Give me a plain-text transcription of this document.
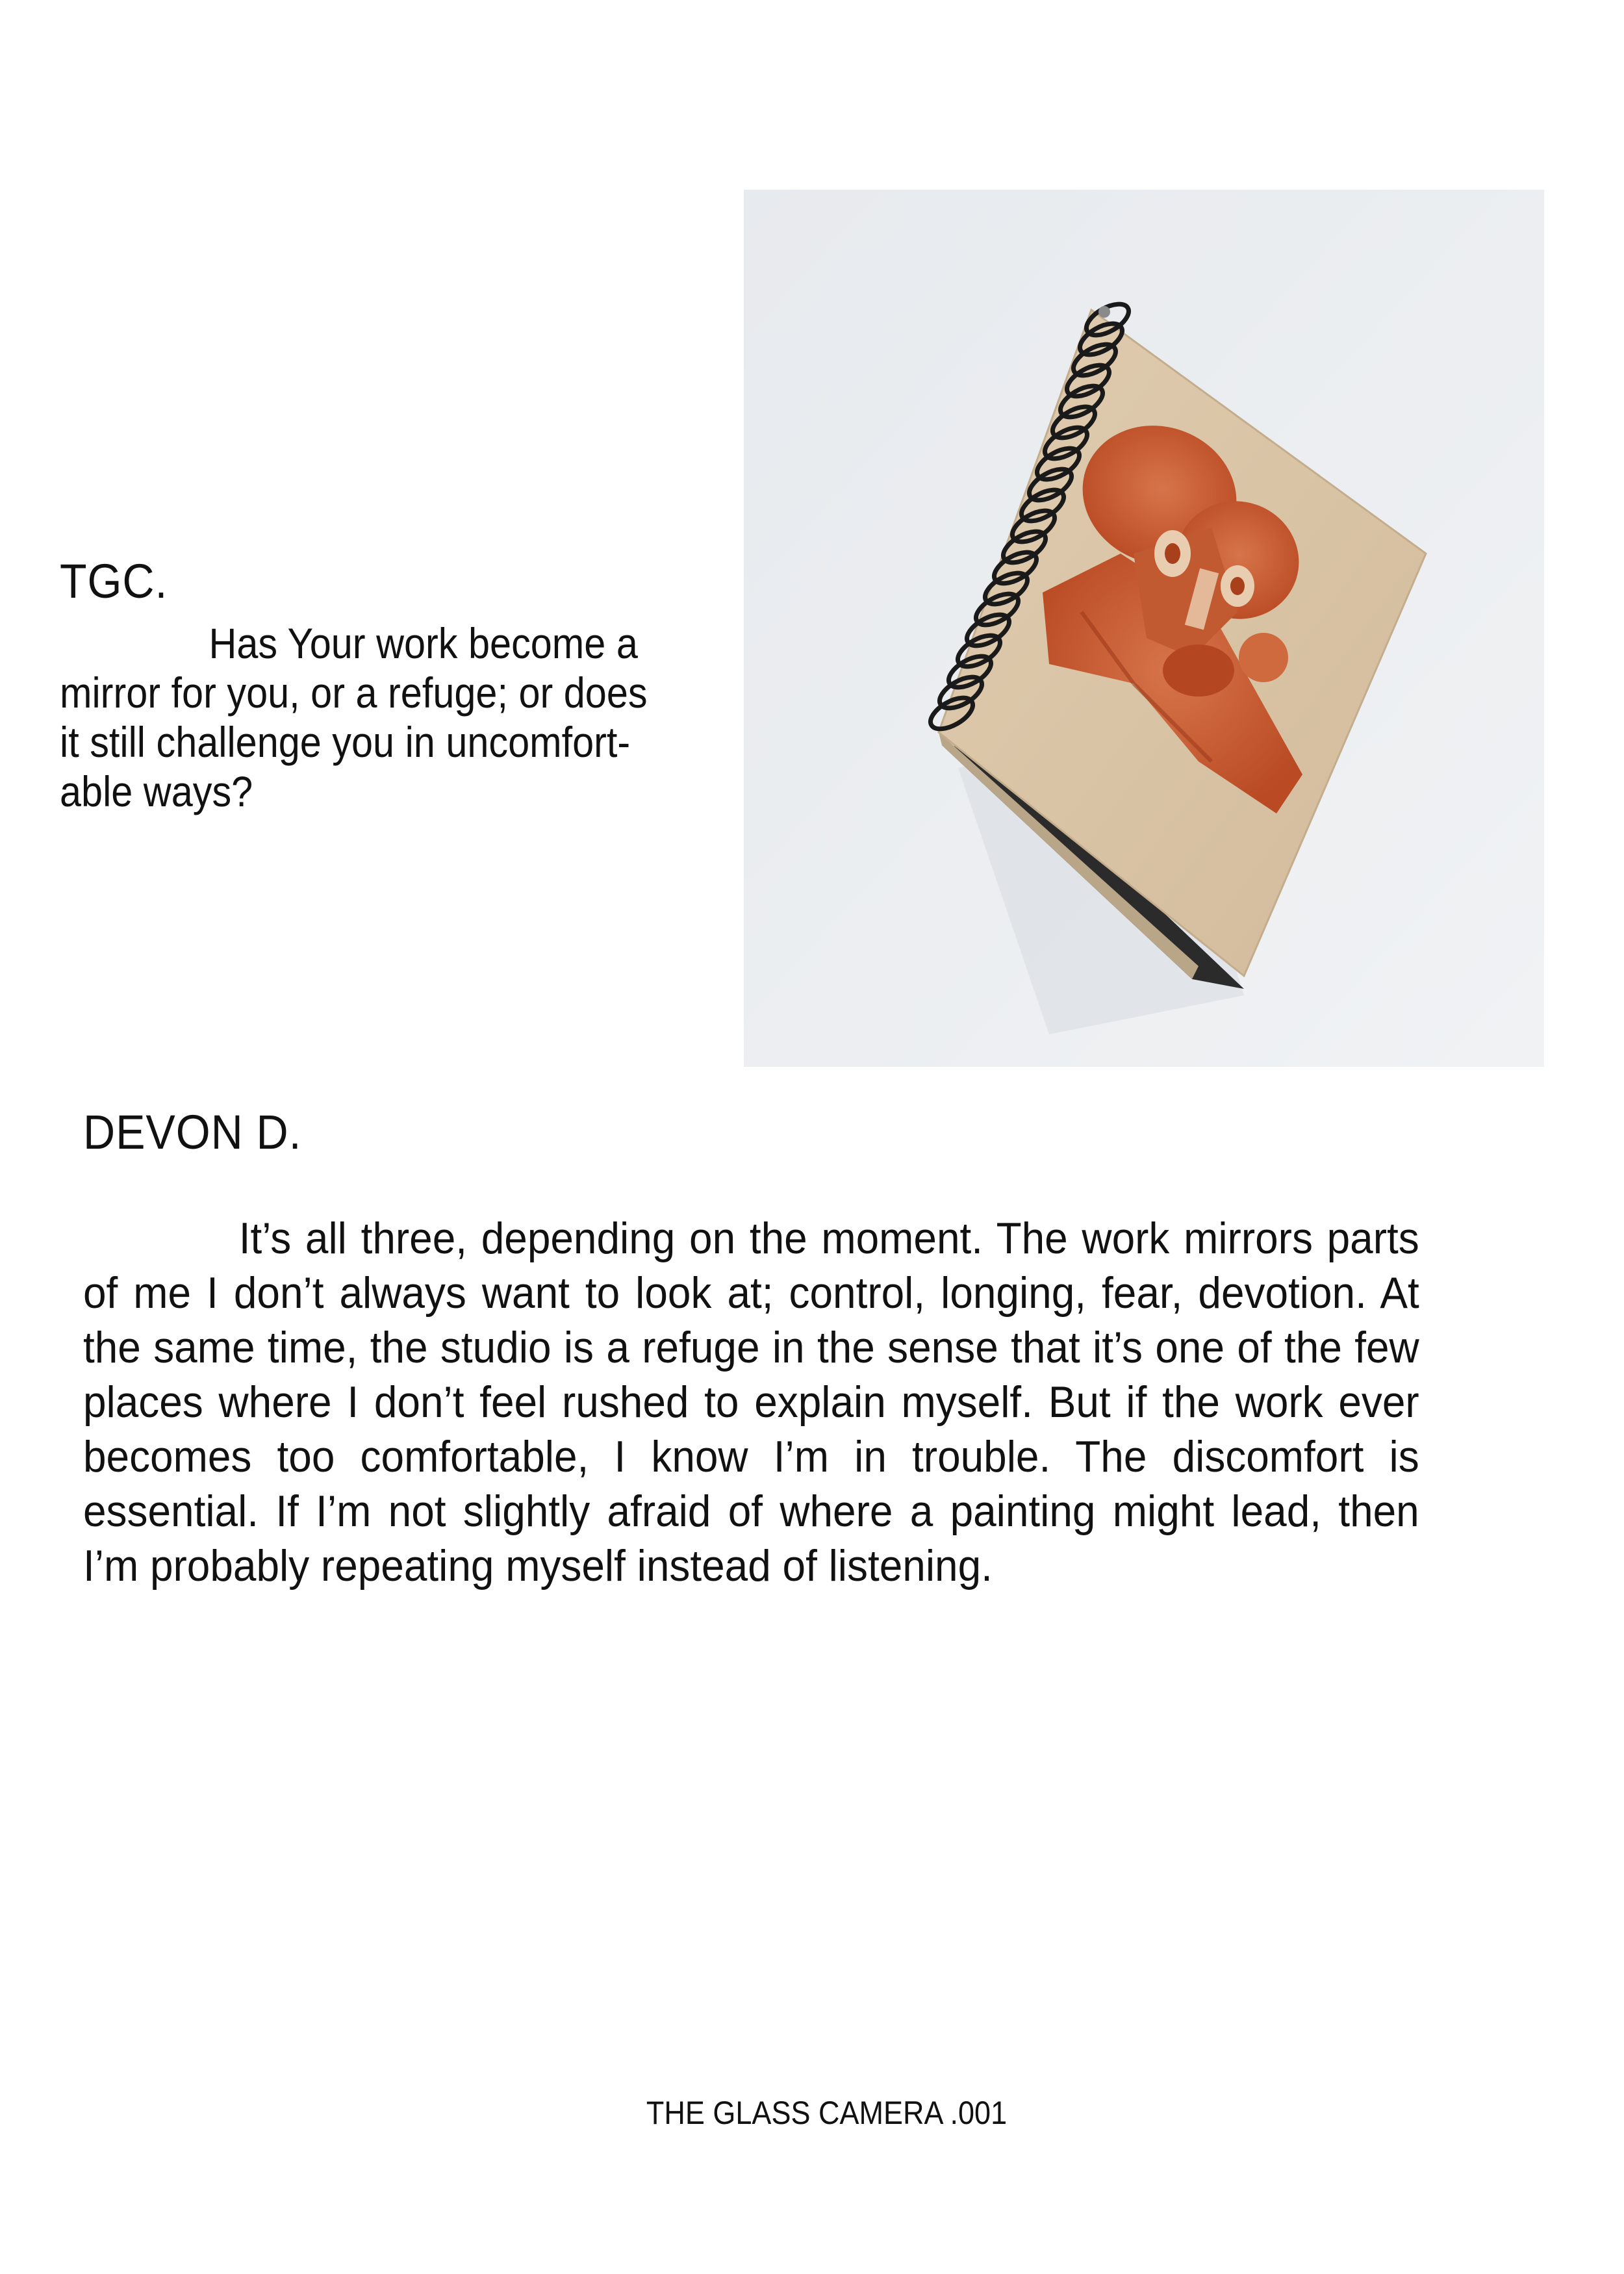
TGC.
Has Your work become a mirror for you, or a refuge; or does it still challenge you in uncomfort-able ways?
DEVON D.
It’s all three, depending on the moment. The work mirrors parts of me I don’t always want to look at; control, longing, fear, devotion. At the same time, the studio is a refuge in the sense that it’s one of the few places where I don’t feel rushed to explain myself. But if the work ever becomes too comfortable, I know I’m in trouble. The discomfort is essential. If I’m not slightly afraid of where a painting might lead, then I’m probably repeating myself instead of listening.
THE GLASS CAMERA .001
